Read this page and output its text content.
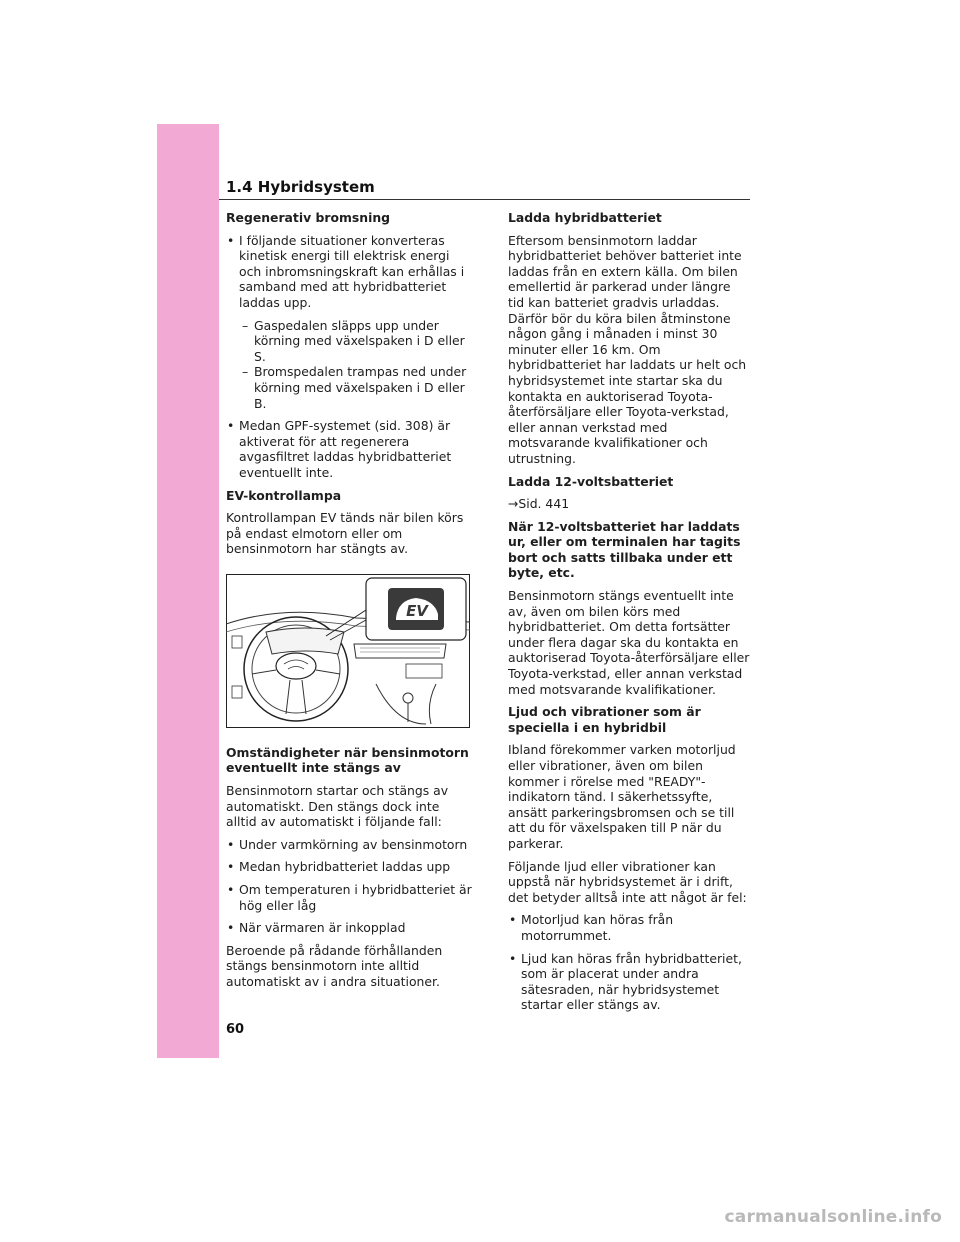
1.4 Hybridsystem
Regenerativ bromsning
• I följande situationer konverteras kinetisk energi till elektrisk energi och inbromsningskraft kan erhållas i samband med att hybridbatteriet laddas upp.
– Gaspedalen släpps upp under körning med växelspaken i D eller S.
– Bromspedalen trampas ned under körning med växelspaken i D eller B.
• Medan GPF-systemet (sid. 308) är aktiverat för att regenerera avgasfiltret laddas hybridbatteriet eventuellt inte.
EV-kontrollampa
Kontrollampan EV tänds när bilen körs på endast elmotorn eller om bensinmotorn har stängts av.
EV
Omständigheter när bensinmotorn eventuellt inte stängs av
Bensinmotorn startar och stängs av automatiskt. Den stängs dock inte alltid av automatiskt i följande fall:
• Under varmkörning av bensinmotorn
• Medan hybridbatteriet laddas upp
• Om temperaturen i hybridbatteriet är hög eller låg
• När värmaren är inkopplad
Beroende på rådande förhållanden stängs bensinmotorn inte alltid automatiskt av i andra situationer.
Ladda hybridbatteriet
Eftersom bensinmotorn laddar hybridbatteriet behöver batteriet inte laddas från en extern källa. Om bilen emellertid är parkerad under längre tid kan batteriet gradvis urladdas. Därför bör du köra bilen åtminstone någon gång i månaden i minst 30 minuter eller 16 km. Om hybridbatteriet har laddats ur helt och hybridsystemet inte startar ska du kontakta en auktoriserad Toyota-återförsäljare eller Toyota-verkstad, eller annan verkstad med motsvarande kvalifikationer och utrustning.
Ladda 12-voltsbatteriet
→Sid. 441
När 12-voltsbatteriet har laddats ur, eller om terminalen har tagits bort och satts tillbaka under ett byte, etc.
Bensinmotorn stängs eventuellt inte av, även om bilen körs med hybridbatteriet. Om detta fortsätter under flera dagar ska du kontakta en auktoriserad Toyota-återförsäljare eller Toyota-verkstad, eller annan verkstad med motsvarande kvalifikationer.
Ljud och vibrationer som är speciella i en hybridbil
Ibland förekommer varken motorljud eller vibrationer, även om bilen kommer i rörelse med "READY"-indikatorn tänd. I säkerhetssyfte, ansätt parkeringsbromsen och se till att du för växelspaken till P när du parkerar.
Följande ljud eller vibrationer kan uppstå när hybridsystemet är i drift, det betyder alltså inte att något är fel:
• Motorljud kan höras från motorrummet.
• Ljud kan höras från hybridbatteriet, som är placerat under andra sätesraden, när hybridsystemet startar eller stängs av.
60
carmanualsonline.info
